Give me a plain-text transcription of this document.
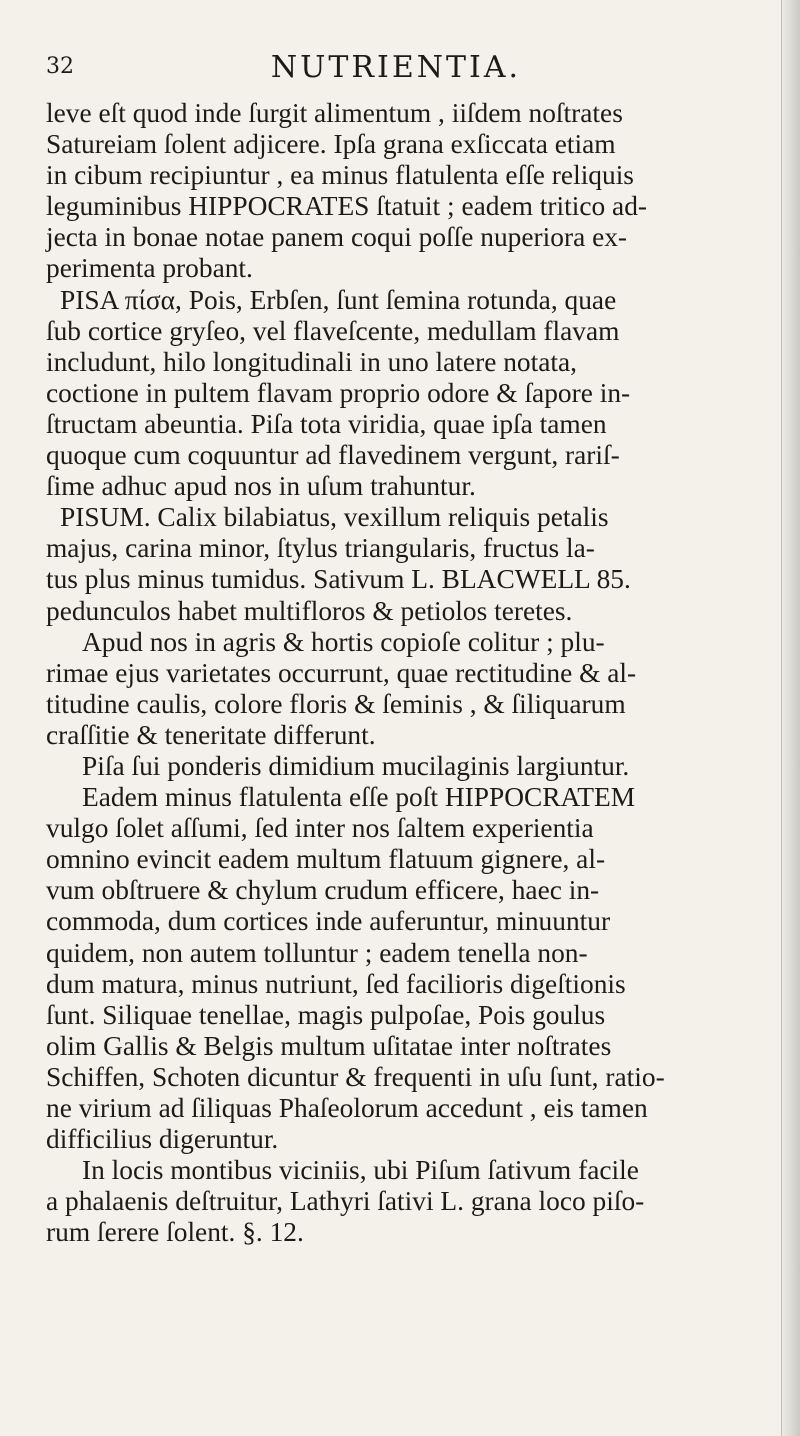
32	NUTRIENTIA.
leve eſt quod inde ſurgit alimentum , iiſdem noſtrates
Satureiam ſolent adjicere. Ipſa grana exſiccata etiam
in cibum recipiuntur , ea minus flatulenta eſſe reliquis
leguminibus HIPPOCRATES ſtatuit ; eadem tritico ad-
jecta in bonae notae panem coqui poſſe nuperiora ex-
perimenta probant.
PISA πίσα, Pois, Erbſen, ſunt ſemina rotunda, quae
ſub cortice gryſeo, vel flaveſcente, medullam flavam
includunt, hilo longitudinali in uno latere notata,
coctione in pultem flavam proprio odore & ſapore in-
ſtructam abeuntia. Piſa tota viridia, quae ipſa tamen
quoque cum coquuntur ad flavedinem vergunt, rariſ-
ſime adhuc apud nos in uſum trahuntur.
PISUM. Calix bilabiatus, vexillum reliquis petalis
majus, carina minor, ſtylus triangularis, fructus la-
tus plus minus tumidus. Sativum L. BLACWELL 85.
pedunculos habet multifloros & petiolos teretes.
Apud nos in agris & hortis copioſe colitur ; plu-
rimae ejus varietates occurrunt, quae rectitudine & al-
titudine caulis, colore floris & ſeminis , & ſiliquarum
craſſitie & teneritate differunt.
Piſa ſui ponderis dimidium mucilaginis largiuntur.
Eadem minus flatulenta eſſe poſt HIPPOCRATEM
vulgo ſolet aſſumi, ſed inter nos ſaltem experientia
omnino evincit eadem multum flatuum gignere, al-
vum obſtruere & chylum crudum efficere, haec in-
commoda, dum cortices inde auferuntur, minuuntur
quidem, non autem tolluntur ; eadem tenella non-
dum matura, minus nutriunt, ſed facilioris digeſtionis
ſunt. Siliquae tenellae, magis pulpoſae, Pois goulus
olim Gallis & Belgis multum uſitatae inter noſtrates
Schiffen, Schoten dicuntur & frequenti in uſu ſunt, ratio-
ne virium ad ſiliquas Phaſeolorum accedunt , eis tamen
difficilius digeruntur.
In locis montibus viciniis, ubi Piſum ſativum facile
a phalaenis deſtruitur, Lathyri ſativi L. grana loco piſo-
rum ſerere ſolent. §. 12.
